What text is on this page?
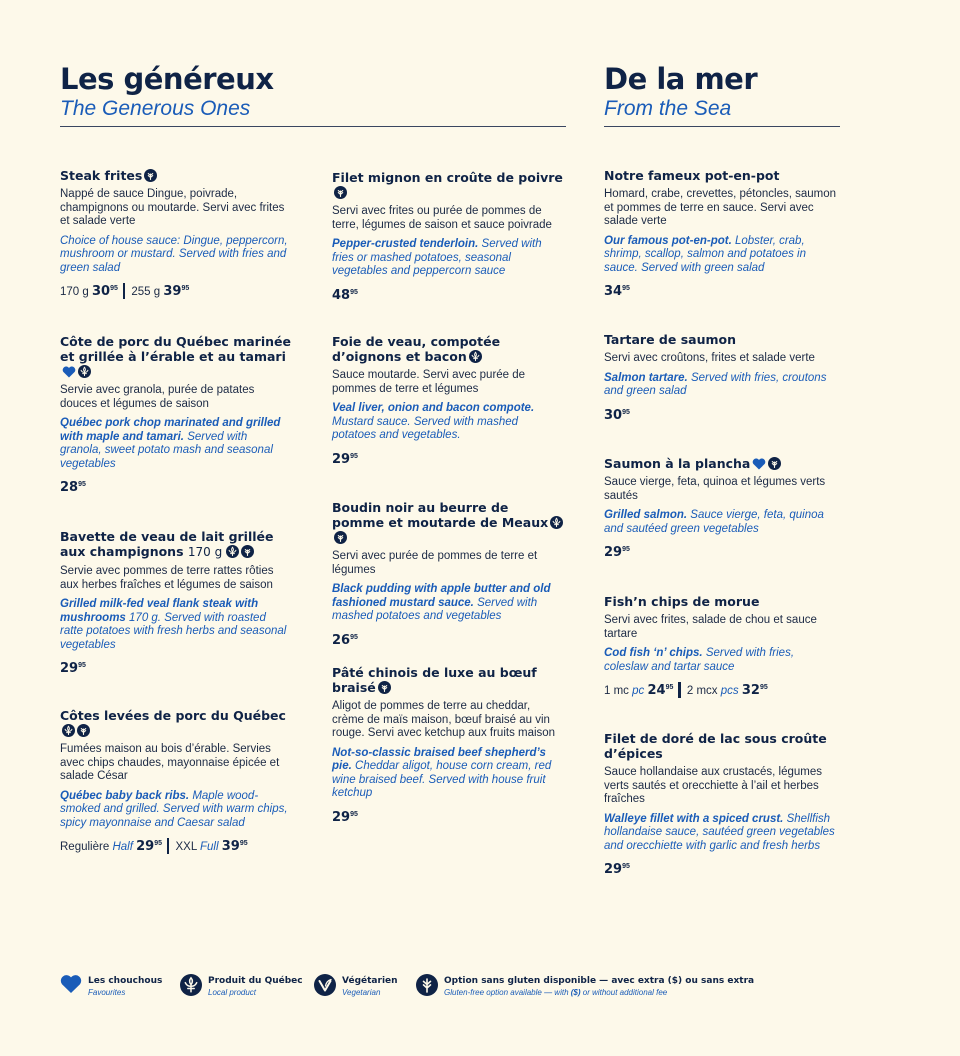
Les généreux
The Generous Ones
De la mer
From the Sea
Steak frites
Nappé de sauce Dingue, poivrade, champignons ou moutarde. Servi avec frites et salade verte
Choice of house sauce: Dingue, peppercorn, mushroom or mustard. Served with fries and green salad
170 g $30^{95}$ 255 g $39^{95}$
Côte de porc du Québec marinée et grillée à l’érable et au tamari
Servie avec granola, purée de patates douces et légumes de saison
Québec pork chop marinated and grilled with maple and tamari. Served with granola, sweet potato mash and seasonal vegetables
$28^{95}$
Bavette de veau de lait grillée aux champignons 170 g
Servie avec pommes de terre rattes rôties aux herbes fraîches et légumes de saison
Grilled milk-fed veal flank steak with mushrooms 170 g. Served with roasted ratte potatoes with fresh herbs and seasonal vegetables
$29^{95}$
Côtes levées de porc du Québec
Fumées maison au bois d’érable. Servies avec chips chaudes, mayonnaise épicée et salade César
Québec baby back ribs. Maple wood-smoked and grilled. Served with warm chips, spicy mayonnaise and Caesar salad
Regulière Half $29^{95}$ XXL Full $39^{95}$
Filet mignon en croûte de poivre
Servi avec frites ou purée de pommes de terre, légumes de saison et sauce poivrade
Pepper-crusted tenderloin. Served with fries or mashed potatoes, seasonal vegetables and peppercorn sauce
$48^{95}$
Foie de veau, compotée d’oignons et bacon
Sauce moutarde. Servi avec purée de pommes de terre et légumes
Veal liver, onion and bacon compote. Mustard sauce. Served with mashed potatoes and vegetables.
$29^{95}$
Boudin noir au beurre de pomme et moutarde de Meaux
Servi avec purée de pommes de terre et légumes
Black pudding with apple butter and old fashioned mustard sauce. Served with mashed potatoes and vegetables
$26^{95}$
Pâté chinois de luxe au bœuf braisé
Aligot de pommes de terre au cheddar, crème de maïs maison, bœuf braisé au vin rouge. Servi avec ketchup aux fruits maison
Not-so-classic braised beef shepherd’s pie. Cheddar aligot, house corn cream, red wine braised beef. Served with house fruit ketchup
$29^{95}$
Notre fameux pot-en-pot
Homard, crabe, crevettes, pétoncles, saumon et pommes de terre en sauce. Servi avec salade verte
Our famous pot-en-pot. Lobster, crab, shrimp, scallop, salmon and potatoes in sauce. Served with green salad
$34^{95}$
Tartare de saumon
Servi avec croûtons, frites et salade verte
Salmon tartare. Served with fries, croutons and green salad
$30^{95}$
Saumon à la plancha
Sauce vierge, feta, quinoa et légumes verts sautés
Grilled salmon. Sauce vierge, feta, quinoa and sautéed green vegetables
$29^{95}$
Fish’n chips de morue
Servi avec frites, salade de chou et sauce tartare
Cod fish ‘n’ chips. Served with fries, coleslaw and tartar sauce
1 mc pc $24^{95}$ 2 mcx pcs $32^{95}$
Filet de doré de lac sous croûte d’épices
Sauce hollandaise aux crustacés, légumes verts sautés et orecchiette à l’ail et herbes fraîches
Walleye fillet with a spiced crust. Shellfish hollandaise sauce, sautéed green vegetables and orecchiette with garlic and fresh herbs
$29^{95}$
Les chouchous
Favourites
Produit du Québec
Local product
Végétarien
Vegetarian
Option sans gluten disponible — avec extra ($) ou sans extra
Gluten-free option available — with ($) or without additional fee
